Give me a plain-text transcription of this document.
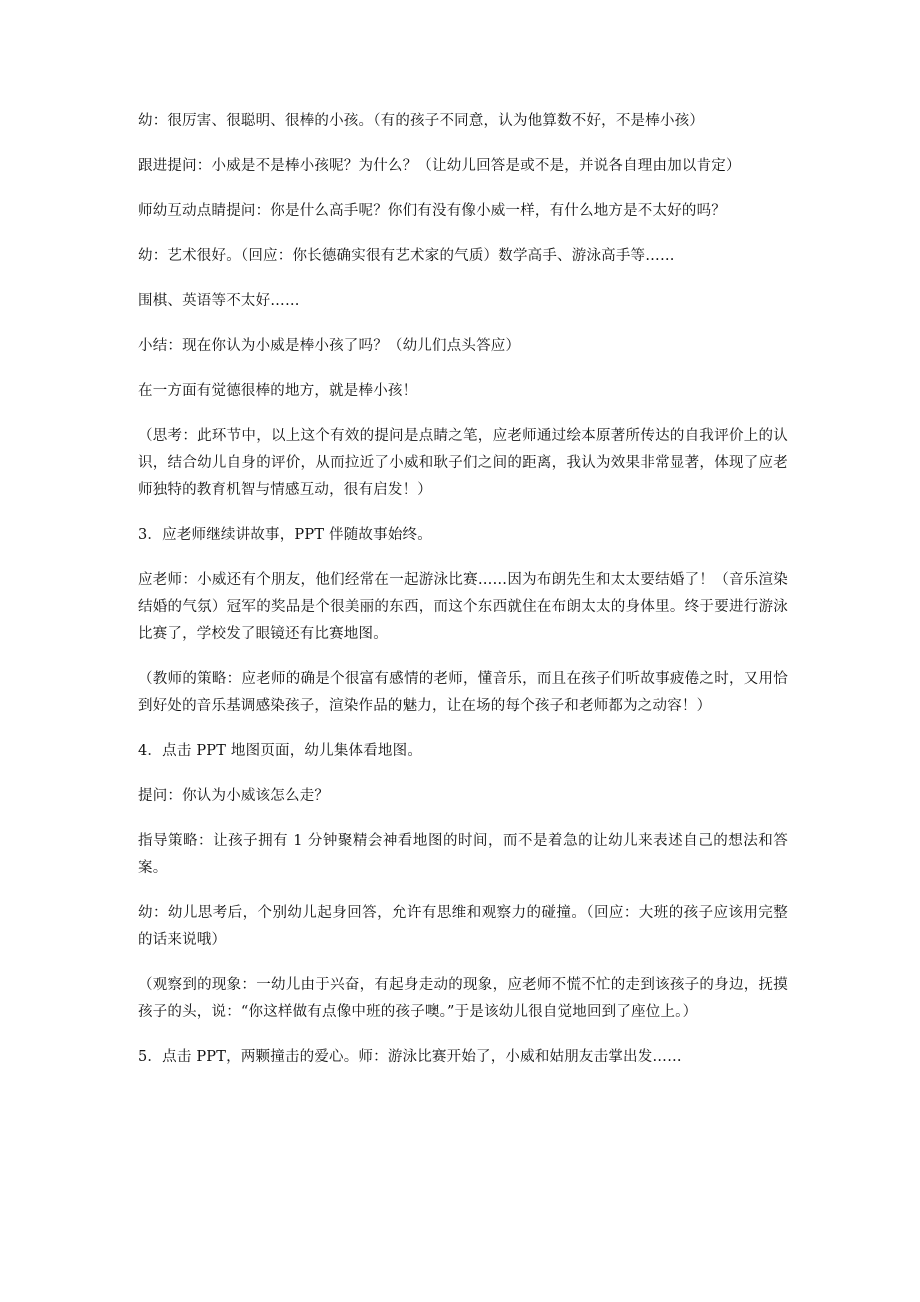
幼：很厉害、很聪明、很棒的小孩。（有的孩子不同意，认为他算数不好，不是棒小孩）

跟进提问：小威是不是棒小孩呢？为什么？（让幼儿回答是或不是，并说各自理由加以肯定）

师幼互动点睛提问：你是什么高手呢？你们有没有像小威一样，有什么地方是不太好的吗？

幼：艺术很好。（回应：你长德确实很有艺术家的气质）数学高手、游泳高手等……

围棋、英语等不太好……

小结：现在你认为小威是棒小孩了吗？（幼儿们点头答应）

在一方面有觉德很棒的地方，就是棒小孩！

（思考：此环节中，以上这个有效的提问是点睛之笔，应老师通过绘本原著所传达的自我评价上的认识，结合幼儿自身的评价，从而拉近了小威和耿子们之间的距离，我认为效果非常显著，体现了应老师独特的教育机智与情感互动，很有启发！）

3．应老师继续讲故事，PPT 伴随故事始终。

应老师：小威还有个朋友，他们经常在一起游泳比赛……因为布朗先生和太太要结婚了！（音乐渲染结婚的气氛）冠军的奖品是个很美丽的东西，而这个东西就住在布朗太太的身体里。终于要进行游泳比赛了，学校发了眼镜还有比赛地图。

（教师的策略：应老师的确是个很富有感情的老师，懂音乐，而且在孩子们听故事疲倦之时，又用恰到好处的音乐基调感染孩子，渲染作品的魅力，让在场的每个孩子和老师都为之动容！）

4．点击 PPT 地图页面，幼儿集体看地图。

提问：你认为小威该怎么走？

指导策略：让孩子拥有 1 分钟聚精会神看地图的时间，而不是着急的让幼儿来表述自己的想法和答案。

幼：幼儿思考后，个别幼儿起身回答，允许有思维和观察力的碰撞。（回应：大班的孩子应该用完整的话来说哦）

（观察到的现象：一幼儿由于兴奋，有起身走动的现象，应老师不慌不忙的走到该孩子的身边，抚摸孩子的头，说：“你这样做有点像中班的孩子噢。”于是该幼儿很自觉地回到了座位上。）

5．点击 PPT，两颗撞击的爱心。师：游泳比赛开始了，小威和姑朋友击掌出发……
